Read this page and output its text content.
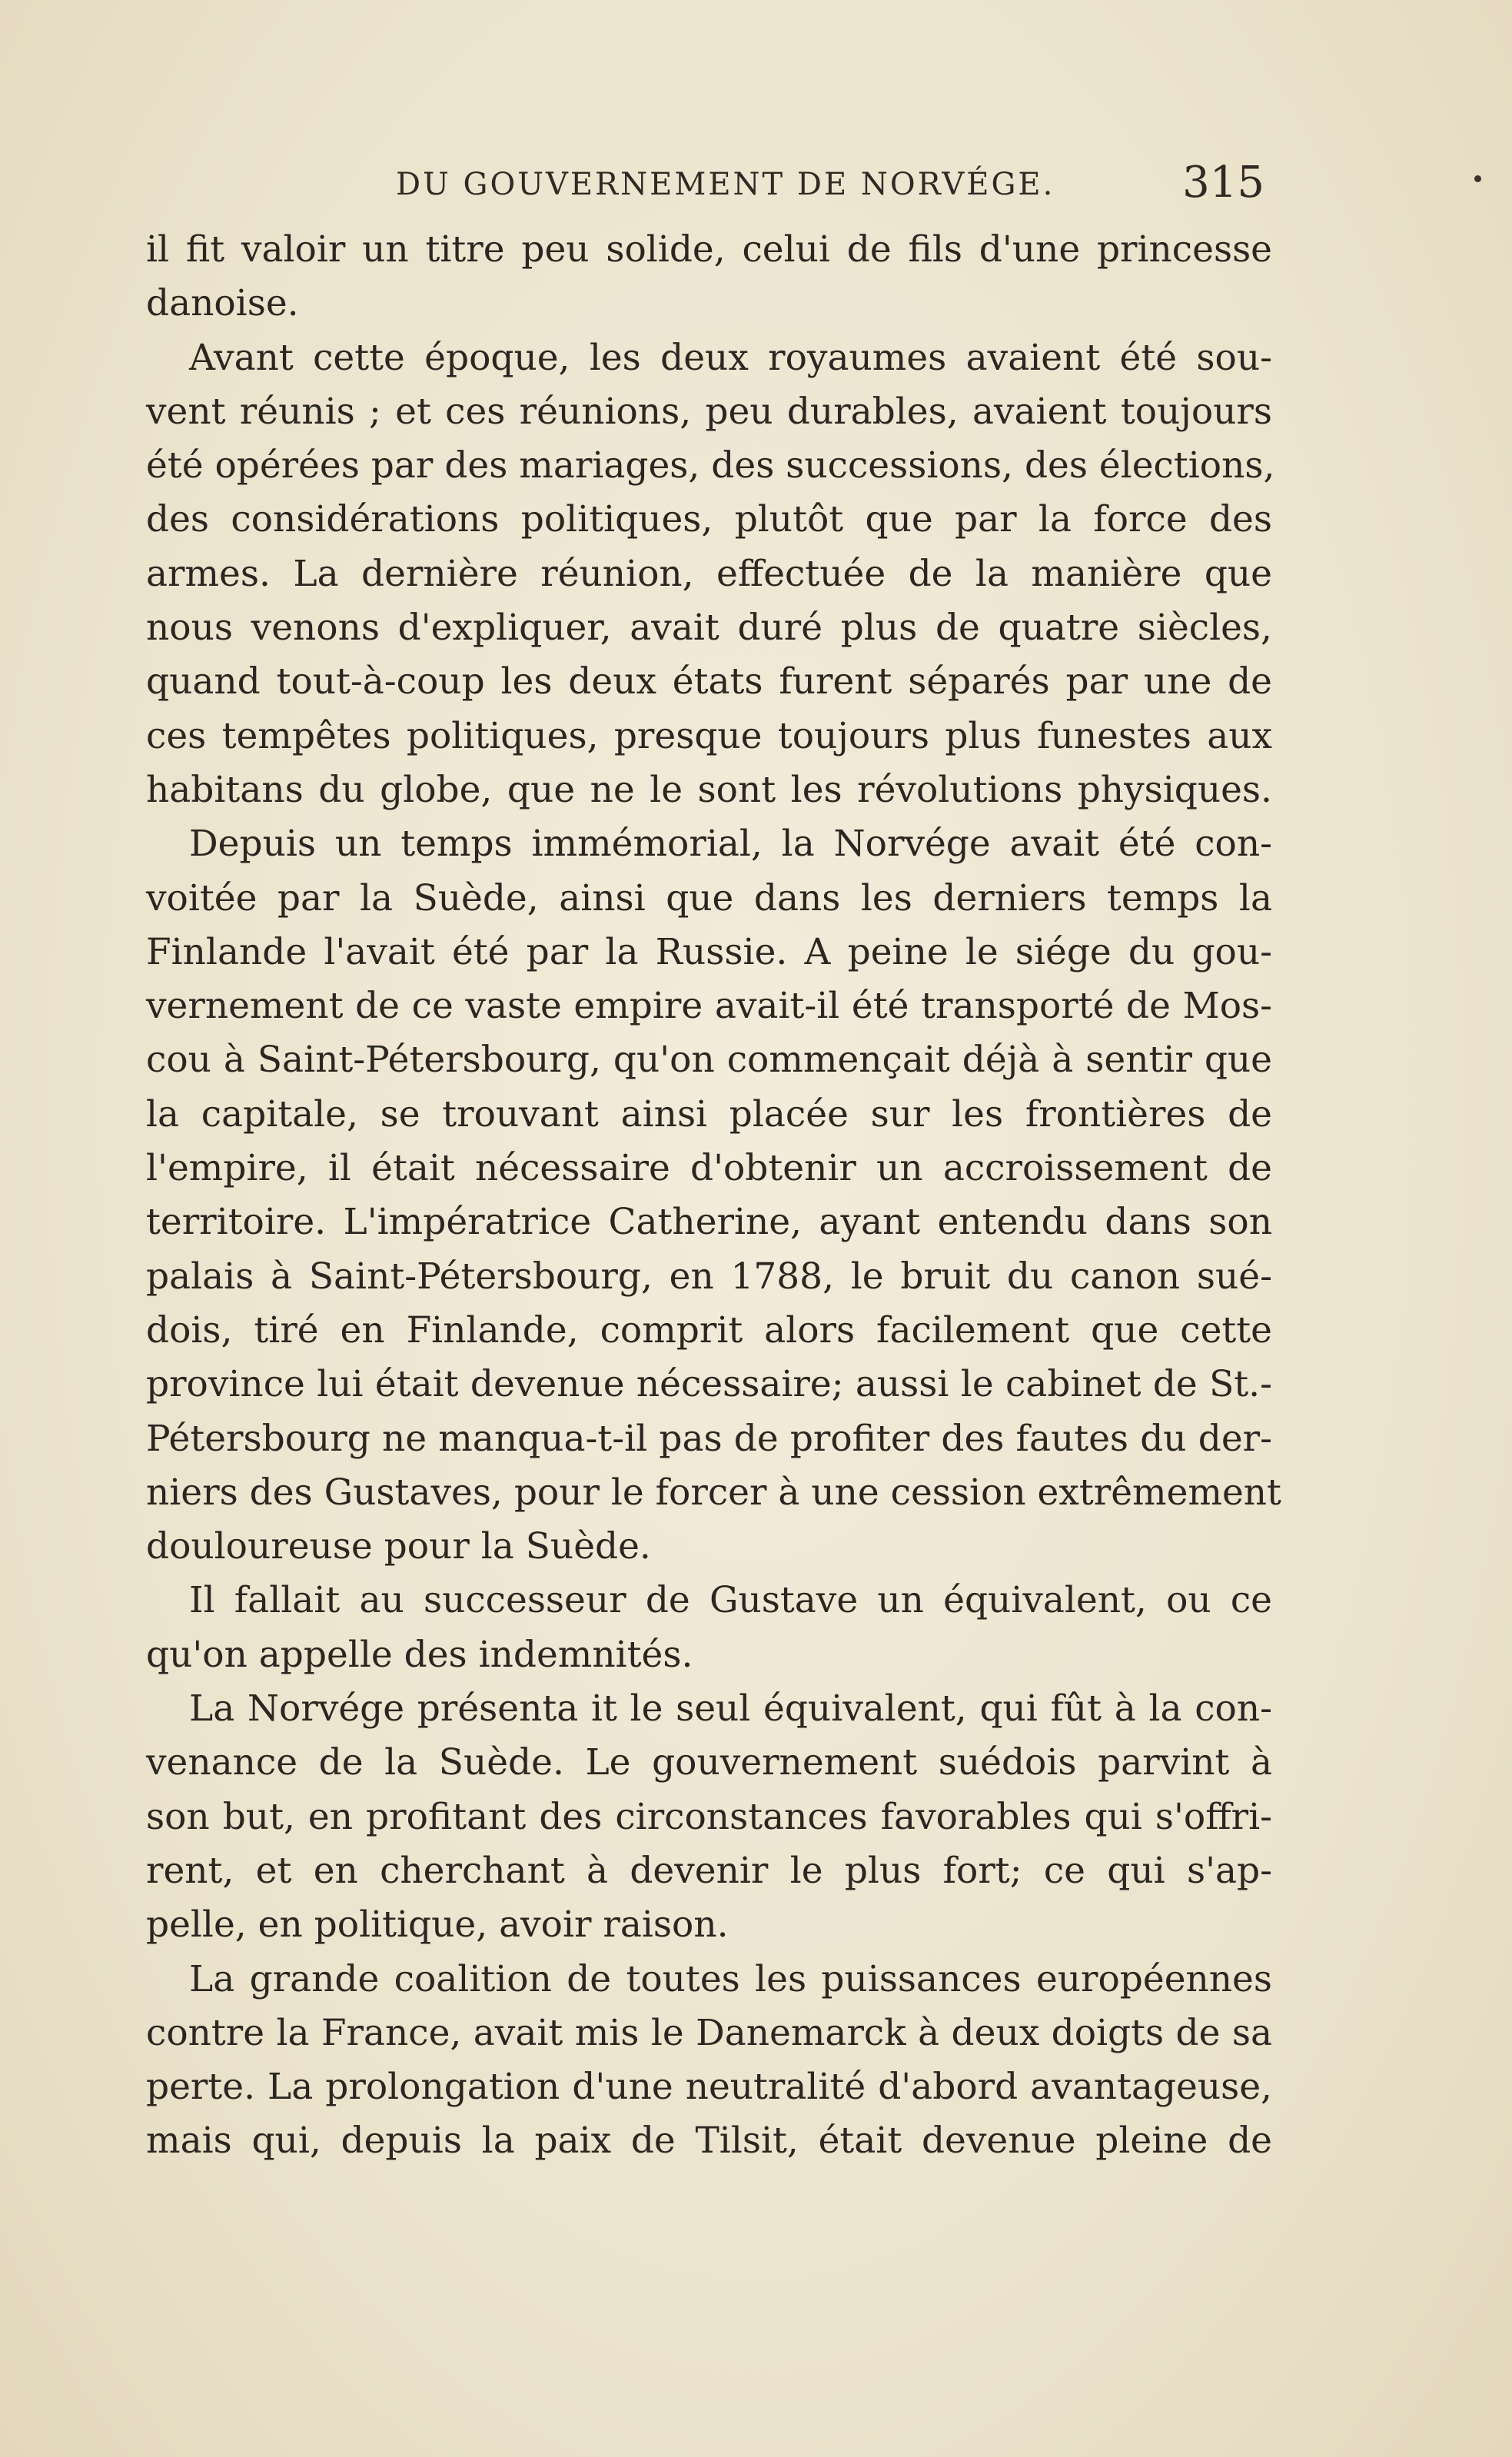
DU GOUVERNEMENT DE NORVÉGE.	315
il fit valoir un titre peu solide, celui de fils d'une princesse
danoise.
Avant cette époque, les deux royaumes avaient été sou-
vent réunis ; et ces réunions, peu durables, avaient toujours
été opérées par des mariages, des successions, des élections,
des considérations politiques, plutôt que par la force des
armes. La dernière réunion, effectuée de la manière que
nous venons d'expliquer, avait duré plus de quatre siècles,
quand tout-à-coup les deux états furent séparés par une de
ces tempêtes politiques, presque toujours plus funestes aux
habitans du globe, que ne le sont les révolutions physiques.
Depuis un temps immémorial, la Norvége avait été con-
voitée par la Suède, ainsi que dans les derniers temps la
Finlande l'avait été par la Russie. A peine le siége du gou-
vernement de ce vaste empire avait-il été transporté de Mos-
cou à Saint-Pétersbourg, qu'on commençait déjà à sentir que
la capitale, se trouvant ainsi placée sur les frontières de
l'empire, il était nécessaire d'obtenir un accroissement de
territoire. L'impératrice Catherine, ayant entendu dans son
palais à Saint-Pétersbourg, en 1788, le bruit du canon sué-
dois, tiré en Finlande, comprit alors facilement que cette
province lui était devenue nécessaire; aussi le cabinet de St.-
Pétersbourg ne manqua-t-il pas de profiter des fautes du der-
niers des Gustaves, pour le forcer à une cession extrêmement
douloureuse pour la Suède.
Il fallait au successeur de Gustave un équivalent, ou ce
qu'on appelle des indemnités.
La Norvége présenta it le seul équivalent, qui fût à la con-
venance de la Suède. Le gouvernement suédois parvint à
son but, en profitant des circonstances favorables qui s'offri-
rent, et en cherchant à devenir le plus fort; ce qui s'ap-
pelle, en politique, avoir raison.
La grande coalition de toutes les puissances européennes
contre la France, avait mis le Danemarck à deux doigts de sa
perte. La prolongation d'une neutralité d'abord avantageuse,
mais qui, depuis la paix de Tilsit, était devenue pleine de
